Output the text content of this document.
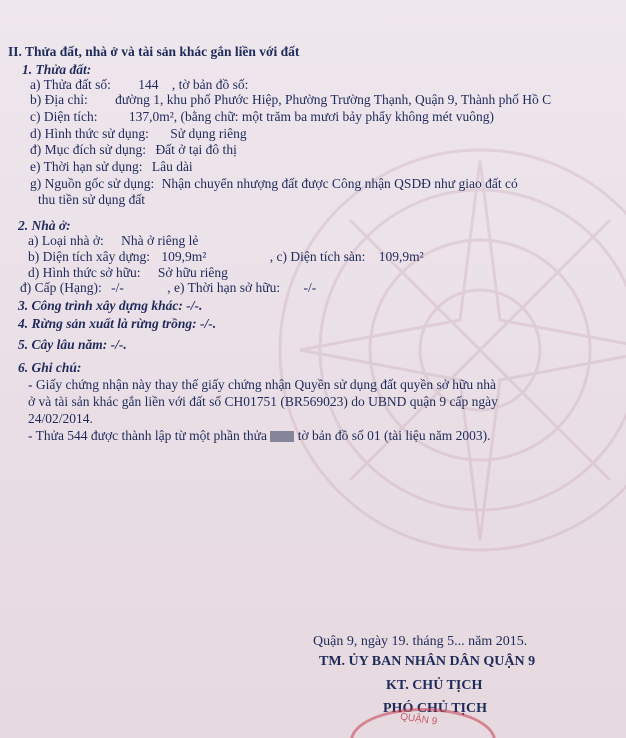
II. Thửa đất, nhà ở và tài sản khác gắn liền với đất
1. Thửa đất:
a) Thửa đất số: 144 , tờ bản đồ số:
b) Địa chỉ: đường 1, khu phố Phước Hiệp, Phường Trường Thạnh, Quận 9, Thành phố Hồ C
c) Diện tích: 137,0m², (bằng chữ: một trăm ba mươi bảy phẩy không mét vuông)
d) Hình thức sử dụng: Sử dụng riêng
đ) Mục đích sử dụng: Đất ở tại đô thị
e) Thời hạn sử dụng: Lâu dài
g) Nguồn gốc sử dụng: Nhận chuyển nhượng đất được Công nhận QSDĐ như giao đất có
thu tiền sử dụng đất
2. Nhà ở:
a) Loại nhà ở: Nhà ở riêng lẻ
b) Diện tích xây dựng: 109,9m²	, c) Diện tích sàn: 109,9m²
d) Hình thức sở hữu: Sở hữu riêng
đ) Cấp (Hạng): -/-	, e) Thời hạn sở hữu: -/-
3. Công trình xây dựng khác: -/-.
4. Rừng sản xuất là rừng trồng: -/-.
5. Cây lâu năm: -/-.
6. Ghi chú:
- Giấy chứng nhận này thay thế giấy chứng nhận Quyền sử dụng đất quyền sở hữu nhà
ở và tài sản khác gắn liền với đất số CH01751 (BR569023) do UBND quận 9 cấp ngày
24/02/2014.
- Thửa 544 được thành lập từ một phần thửa tờ bản đồ số 01 (tài liệu năm 2003).
Quận 9, ngày 19. tháng 5... năm 2015.
TM. ỦY BAN NHÂN DÂN QUẬN 9
KT. CHỦ TỊCH
PHÓ CHỦ TỊCH
QUẬN 9
